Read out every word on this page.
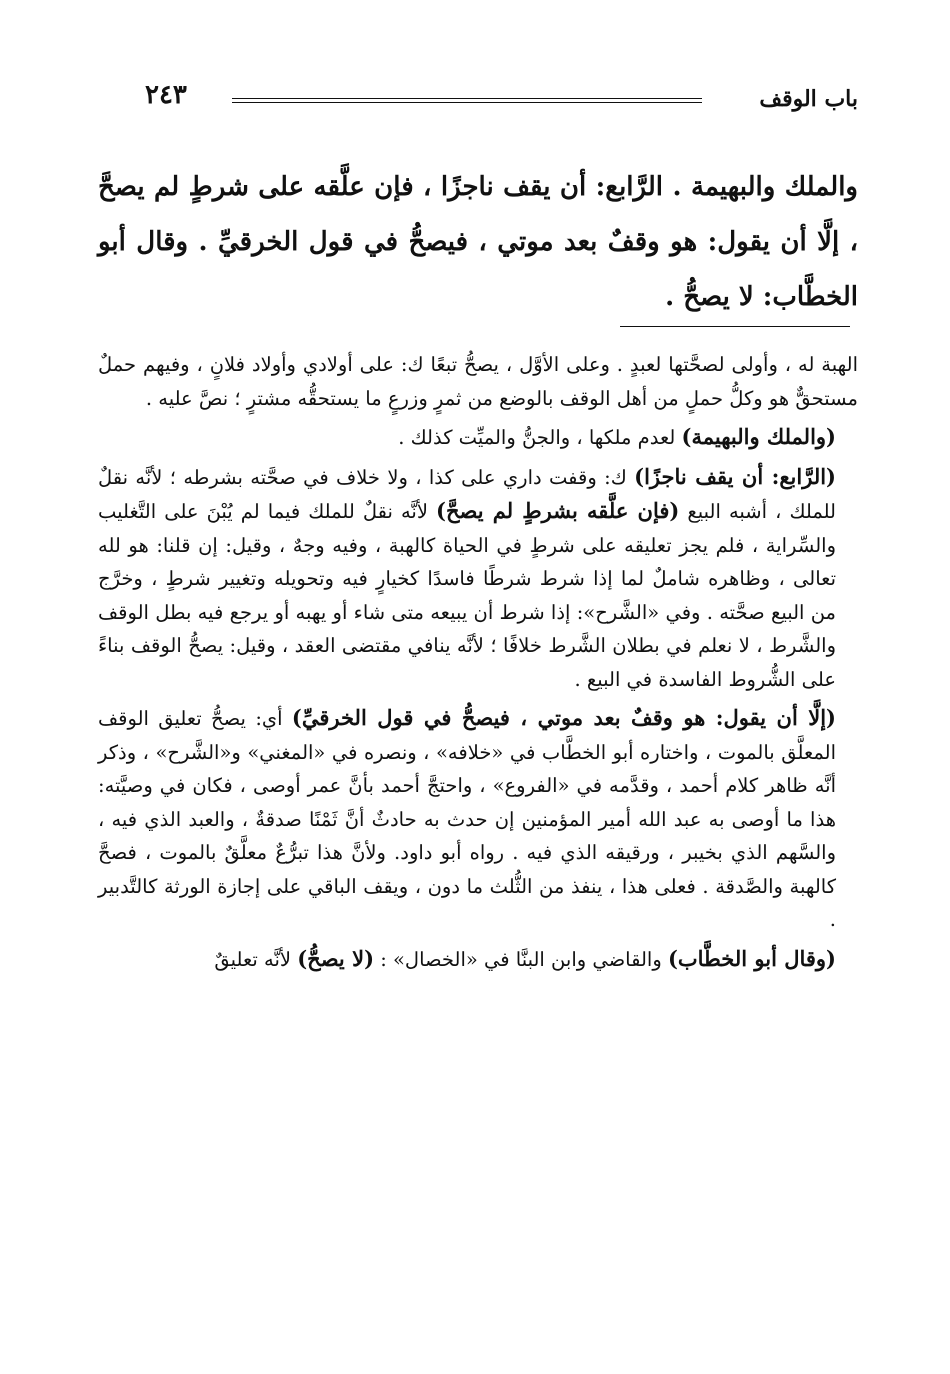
باب الوقف
٢٤٣
والملك والبهيمة . الرَّابع: أن يقف ناجزًا ، فإن علَّقه على شرطٍ لم يصحَّ ، إلَّا أن يقول: هو وقفٌ بعد موتي ، فيصحُّ في قول الخرقيِّ . وقال أبو الخطَّاب: لا يصحُّ .

الهبة له ، وأولى لصحَّتها لعبدٍ . وعلى الأوَّل ، يصحُّ تبعًا ك: على أولادي وأولاد فلانٍ ، وفيهم حملٌ مستحقٌّ هو وكلُّ حملٍ من أهل الوقف بالوضع من ثمرٍ وزرعٍ ما يستحقُّه مشترٍ ؛ نصَّ عليه .

(والملك والبهيمة) لعدم ملكها ، والجنُّ والميِّت كذلك .

(الرَّابع: أن يقف ناجزًا) ك: وقفت داري على كذا ، ولا خلاف في صحَّته بشرطه ؛ لأنَّه نقلٌ للملك ، أشبه البيع (فإن علَّقه بشرطٍ لم يصحَّ) لأنَّه نقلٌ للملك فيما لم يُبْنَ على التَّغليب والسِّراية ، فلم يجز تعليقه على شرطٍ في الحياة كالهبة ، وفيه وجهٌ ، وقيل: إن قلنا: هو لله تعالى ، وظاهره شاملٌ لما إذا شرط شرطًا فاسدًا كخيارٍ فيه وتحويله وتغيير شرطٍ ، وخرَّج من البيع صحَّته . وفي «الشَّرح»: إذا شرط أن يبيعه متى شاء أو يهبه أو يرجع فيه بطل الوقف والشَّرط ، لا نعلم في بطلان الشَّرط خلافًا ؛ لأنَّه ينافي مقتضى العقد ، وقيل: يصحُّ الوقف بناءً على الشُّروط الفاسدة في البيع .

(إلَّا أن يقول: هو وقفٌ بعد موتي ، فيصحُّ في قول الخرقيِّ) أي: يصحُّ تعليق الوقف المعلَّق بالموت ، واختاره أبو الخطَّاب في «خلافه» ، ونصره في «المغني» و«الشَّرح» ، وذكر أنَّه ظاهر كلام أحمد ، وقدَّمه في «الفروع» ، واحتجَّ أحمد بأنَّ عمر أوصى ، فكان في وصيَّته: هذا ما أوصى به عبد الله أمير المؤمنين إن حدث به حادثٌ أنَّ ثَمْنًا صدقةٌ ، والعبد الذي فيه ، والسَّهم الذي بخيبر ، ورقيقه الذي فيه . رواه أبو داود. ولأنَّ هذا تبرُّعٌ معلَّقٌ بالموت ، فصحَّ كالهبة والصَّدقة . فعلى هذا ، ينفذ من الثُّلث ما دون ، ويقف الباقي على إجازة الورثة كالتَّدبير .

(وقال أبو الخطَّاب) والقاضي وابن البنَّا في «الخصال» : (لا يصحُّ) لأنَّه تعليقٌ
